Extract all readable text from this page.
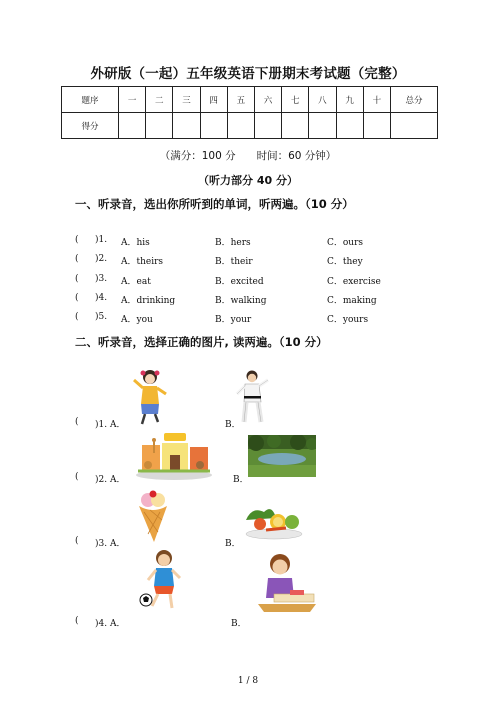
外研版（一起）五年级英语下册期末考试题（完整）
题序	一	二	三	四	五	六	七	八	九	十	总分
得分											
（满分：100 分　　时间：60 分钟）
（听力部分 40 分）
一、听录音，选出你所听到的单词，听两遍。（10 分）
( )1. A．his	B．hers	C．ours
( )2. A．theirs	B．their	C．they
( )3. A．eat	B．excited	C．exercise
( )4. A．drinking	B．walking	C．making
( )5. A．you	B．your	C．yours
二、听录音，选择正确的图片, 读两遍。（10 分）
( )1. A．	B．
( )2. A．	B．
( )3. A．	B．
( )4. A．	B．
1 / 8
